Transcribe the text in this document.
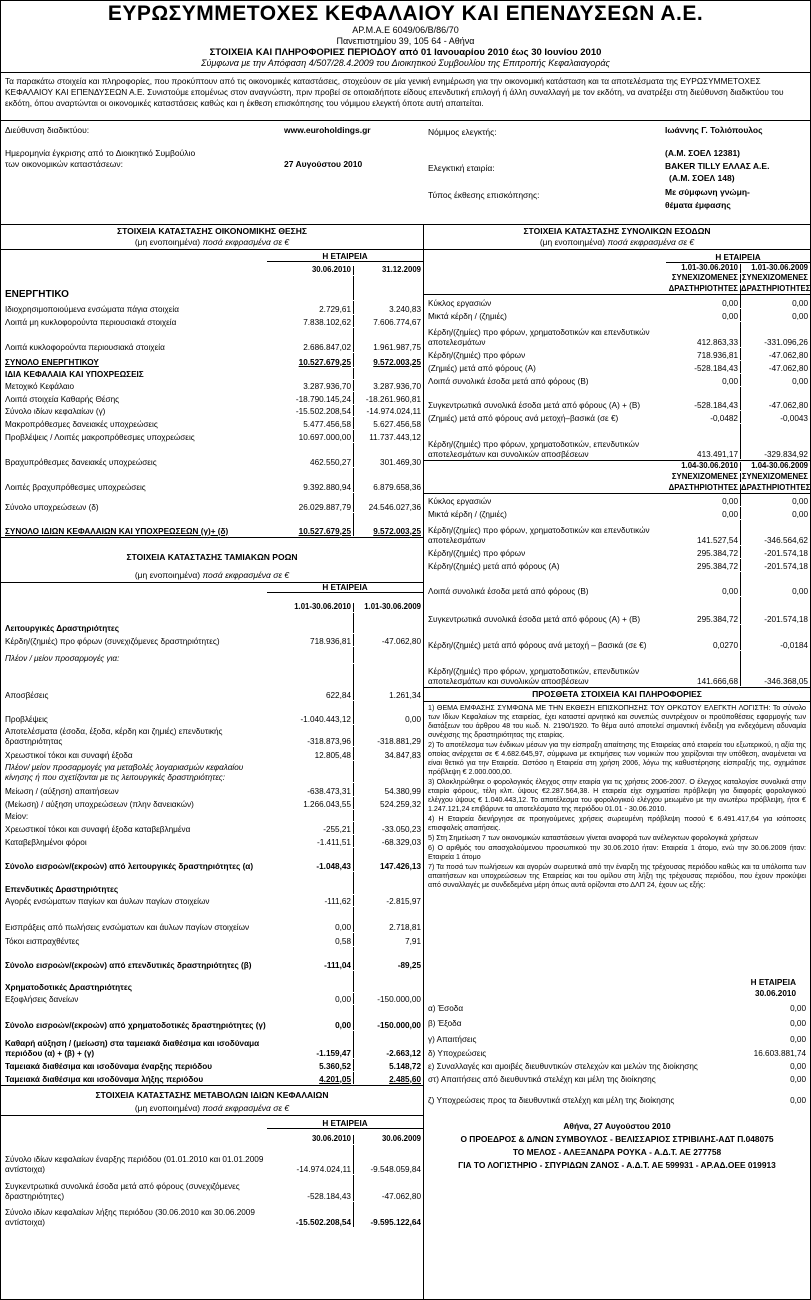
ΕΥΡΩΣΥΜΜΕΤΟΧΕΣ ΚΕΦΑΛΑΙΟΥ ΚΑΙ ΕΠΕΝΔΥΣΕΩΝ Α.Ε.
ΑΡ.Μ.Α.Ε 6049/06/Β/86/70
Πανεπιστημίου 39, 105 64 - Αθήνα
ΣΤΟΙΧΕΙΑ ΚΑΙ ΠΛΗΡΟΦΟΡΙΕΣ ΠΕΡΙΟΔΟΥ από 01 Ιανουαρίου 2010 έως 30 Ιουνίου 2010
Σύμφωνα με την Απόφαση 4/507/28.4.2009 του Διοικητικού Συμβουλίου της Επιτροπής Κεφαλαιαγοράς
Τα παρακάτω στοιχεία και πληροφορίες, που προκύπτουν από τις οικονομικές καταστάσεις, στοχεύουν σε μία γενική ενημέρωση για την οικονομική κατάσταση και τα αποτελέσματα της ΕΥΡΩΣΥΜΜΕΤΟΧΕΣ ΚΕΦΑΛΑΙΟΥ ΚΑΙ ΕΠΕΝΔΥΣΕΩΝ Α.Ε. Συνιστούμε επομένως στον αναγνώστη, πριν προβεί σε οποιαδήποτε είδους επενδυτική επιλογή ή άλλη συναλλαγή με τον εκδότη, να ανατρέξει στη διεύθυνση διαδικτύου του εκδότη, όπου αναρτώνται οι οικονομικές καταστάσεις καθώς και η έκθεση επισκόπησης του νόμιμου ελεγκτή όποτε αυτή απαιτείται.
Διεύθυνση διαδικτύου:	www.euroholdings.gr
Ημερομηνία έγκρισης από το Διοικητικό Συμβούλιο
των οικονομικών καταστάσεων:	27 Αυγούστου 2010
Νόμιμος ελεγκτής:	Ιωάννης Γ. Τολιόπουλος
(Α.Μ. ΣΟΕΛ 12381)
Ελεγκτική εταιρία:	BAKER TILLY ΕΛΛΑΣ Α.Ε.
(Α.Μ. ΣΟΕΛ 148)
Τύπος έκθεσης επισκόπησης:	Με σύμφωνη γνώμη-
θέματα έμφασης
ΣΤΟΙΧΕΙΑ ΚΑΤΑΣΤΑΣΗΣ ΟΙΚΟΝΟΜΙΚΗΣ ΘΕΣΗΣ
(μη ενοποιημένα) ποσά εκφρασμένα σε €
Η ΕΤΑΙΡΕΙΑ
30.06.2010	31.12.2009
ΕΝΕΡΓΗΤΙΚΟ
Ιδιοχρησιμοποιούμενα ενσώματα πάγια στοιχεία	2.729,61	3.240,83
Λοιπά μη κυκλοφορούντα περιουσιακά στοιχεία	7.838.102,62	7.606.774,67
Λοιπά κυκλοφορούντα περιουσιακά στοιχεία	2.686.847,02	1.961.987,75
ΣΥΝΟΛΟ ΕΝΕΡΓΗΤΙΚΟΥ	10.527.679,25	9.572.003,25
ΙΔΙΑ ΚΕΦΑΛΑΙΑ ΚΑΙ ΥΠΟΧΡΕΩΣΕΙΣ
Μετοχικό Κεφάλαιο	3.287.936,70	3.287.936,70
Λοιπά στοιχεία Καθαρής Θέσης	-18.790.145,24	-18.261.960,81
Σύνολο ιδίων κεφαλαίων (γ)	-15.502.208,54	-14.974.024,11
Μακροπρόθεσμες δανειακές υποχρεώσεις	5.477.456,58	5.627.456,58
Προβλέψεις / Λοιπές μακροπρόθεσμες υποχρεώσεις	10.697.000,00	11.737.443,12
Βραχυπρόθεσμες δανειακές υποχρεώσεις	462.550,27	301.469,30
Λοιπές βραχυπρόθεσμες υποχρεώσεις	9.392.880,94	6.879.658,36
Σύνολο υποχρεώσεων (δ)	26.029.887,79	24.546.027,36
ΣΥΝΟΛΟ ΙΔΙΩΝ ΚΕΦΑΛΑΙΩΝ ΚΑΙ ΥΠΟΧΡΕΩΣΕΩΝ (γ)+ (δ)	10.527.679,25	9.572.003,25
ΣΤΟΙΧΕΙΑ ΚΑΤΑΣΤΑΣΗΣ ΤΑΜΙΑΚΩΝ ΡΟΩΝ
(μη ενοποιημένα) ποσά εκφρασμένα σε €
Η ΕΤΑΙΡΕΙΑ
1.01-30.06.2010	1.01-30.06.2009
Λειτουργικές Δραστηριότητες
Κέρδη/(ζημιές) προ φόρων (συνεχιζόμενες δραστηριότητες)	718.936,81	-47.062,80
Πλέον / μείον προσαρμογές για:
Αποσβέσεις	622,84	1.261,34
Προβλέψεις	-1.040.443,12	0,00
Αποτελέσματα (έσοδα, έξοδα, κέρδη και ζημιές) επενδυτικής δραστηριότητας	-318.873,96	-318.881,29
Χρεωστικοί τόκοι και συναφή έξοδα	12.805,48	34.847,83
Πλέον/ μείον προσαρμογές για μεταβολές λογαριασμών κεφαλαίου κίνησης ή που σχετίζονται με τις λειτουργικές δραστηριότητες:
Μείωση / (αύξηση) απαιτήσεων	-638.473,31	54.380,99
(Μείωση) / αύξηση υποχρεώσεων (πλην δανειακών)	1.266.043,55	524.259,32
Μείον:
Χρεωστικοί τόκοι και συναφή έξοδα καταβεβλημένα	-255,21	-33.050,23
Καταβεβλημένοι φόροι	-1.411,51	-68.329,03
Σύνολο εισροών/(εκροών) από λειτουργικές δραστηριότητες (α)	-1.048,43	147.426,13
Επενδυτικές Δραστηριότητες
Αγορές ενσώματων παγίων και άυλων παγίων στοιχείων	-111,62	-2.815,97
Εισπράξεις από πωλήσεις ενσώματων και άυλων παγίων στοιχείων	0,00	2.718,81
Τόκοι εισπραχθέντες	0,58	7,91
Σύνολο εισροών/(εκροών) από επενδυτικές δραστηριότητες (β)	-111,04	-89,25
Χρηματοδοτικές Δραστηριότητες
Εξοφλήσεις δανείων	0,00	-150.000,00
Σύνολο εισροών/(εκροών) από χρηματοδοτικές δραστηριότητες (γ)	0,00	-150.000,00
Καθαρή αύξηση / (μείωση) στα ταμειακά διαθέσιμα και ισοδύναμα περιόδου (α) + (β) + (γ)	-1.159,47	-2.663,12
Ταμειακά διαθέσιμα και ισοδύναμα έναρξης περιόδου	5.360,52	5.148,72
Ταμειακά διαθέσιμα και ισοδύναμα λήξης περιόδου	4.201,05	2.485,60
ΣΤΟΙΧΕΙΑ ΚΑΤΑΣΤΑΣΗΣ ΜΕΤΑΒΟΛΩΝ ΙΔΙΩΝ ΚΕΦΑΛΑΙΩΝ
(μη ενοποιημένα) ποσά εκφρασμένα σε €
Η ΕΤΑΙΡΕΙΑ
30.06.2010	30.06.2009
Σύνολο ιδίων κεφαλαίων έναρξης περιόδου (01.01.2010 και 01.01.2009 αντίστοιχα)	-14.974.024,11	-9.548.059,84
Συγκεντρωτικά συνολικά έσοδα μετά από φόρους (συνεχιζόμενες δραστηριότητες)	-528.184,43	-47.062,80
Σύνολο ιδίων κεφαλαίων λήξης περιόδου (30.06.2010 και 30.06.2009 αντίστοιχα)	-15.502.208,54	-9.595.122,64
ΣΤΟΙΧΕΙΑ ΚΑΤΑΣΤΑΣΗΣ ΣΥΝΟΛΙΚΩΝ ΕΣΟΔΩΝ
(μη ενοποιημένα) ποσά εκφρασμένα σε €
Η ΕΤΑΙΡΕΙΑ
1.01-30.06.2010	1.01-30.06.2009
ΣΥΝΕΧΙΖΟΜΕΝΕΣ ΣΥΝΕΧΙΖΟΜΕΝΕΣ
ΔΡΑΣΤΗΡΙΟΤΗΤΕΣ ΔΡΑΣΤΗΡΙΟΤΗΤΕΣ
Κύκλος εργασιών	0,00	0,00
Μικτά κέρδη / (ζημιές)	0,00	0,00
Κέρδη/(ζημίες) προ φόρων, χρηματοδοτικών και επενδυτικών αποτελεσμάτων	412.863,33	-331.096,26
Κέρδη/(ζημιές) προ φόρων	718.936,81	-47.062,80
(Ζημιές) μετά από φόρους (Α)	-528.184,43	-47.062,80
Λοιπά συνολικά έσοδα μετά από φόρους (Β)	0,00	0,00
Συγκεντρωτικά συνολικά έσοδα μετά από φόρους (Α) + (Β)	-528.184,43	-47.062,80
(Ζημιές) μετά από φόρους ανά μετοχή–βασικά (σε €)	-0,0482	-0,0043
Κέρδη/(ζημιές) προ φόρων, χρηματοδοτικών, επενδυτικών αποτελεσμάτων και συνολικών αποσβέσεων	413.491,17	-329.834,92
1.04-30.06.2010	1.04-30.06.2009
ΣΥΝΕΧΙΖΟΜΕΝΕΣ ΣΥΝΕΧΙΖΟΜΕΝΕΣ
ΔΡΑΣΤΗΡΙΟΤΗΤΕΣ ΔΡΑΣΤΗΡΙΟΤΗΤΕΣ
Κύκλος εργασιών	0,00	0,00
Μικτά κέρδη / (ζημιές)	0,00	0,00
Κέρδη/(ζημίες) προ φόρων, χρηματοδοτικών και επενδυτικών αποτελεσμάτων	141.527,54	-346.564,62
Κέρδη/(ζημιές) προ φόρων	295.384,72	-201.574,18
Κέρδη/(ζημιές) μετά από φόρους (Α)	295.384,72	-201.574,18
Λοιπά συνολικά έσοδα μετά από φόρους (Β)	0,00	0,00
Συγκεντρωτικά συνολικά έσοδα μετά από φόρους (Α) + (Β)	295.384,72	-201.574,18
Κέρδη/(ζημιές) μετά από φόρους ανά μετοχή – βασικά (σε €)	0,0270	-0,0184
Κέρδη/(ζημιές) προ φόρων, χρηματοδοτικών, επενδυτικών αποτελεσμάτων και συνολικών αποσβέσεων	141.666,68	-346.368,05
ΠΡΟΣΘΕΤΑ ΣΤΟΙΧΕΙΑ ΚΑΙ ΠΛΗΡΟΦΟΡΙΕΣ

1) ΘΕΜΑ ΕΜΦΑΣΗΣ ΣΥΜΦΩΝΑ ΜΕ ΤΗΝ ΕΚΘΕΣΗ ΕΠΙΣΚΟΠΗΣΗΣ ΤΟΥ ΟΡΚΩΤΟΥ ΕΛΕΓΚΤΗ ΛΟΓΙΣΤΗ: Το σύνολο των Ιδίων Κεφαλαίων της εταιρείας, έχει καταστεί αρνητικό και συνεπώς συντρέχουν οι προϋποθέσεις εφαρμογής των διατάξεων του άρθρου 48 του κωδ. Ν. 2190/1920. Το θέμα αυτό αποτελεί σημαντική ένδειξη για ενδεχόμενη αδυναμία συνέχισης της δραστηριότητας της εταιρίας.

2) Το αποτέλεσμα των ένδικων μέσων για την είσπραξη απαίτησης της Εταιρείας από εταιρεία του εξωτερικού, η αξία της οποίας ανέρχεται σε € 4.682.645,97, σύμφωνα με εκτιμήσεις των νομικών που χειρίζονται την υπόθεση, αναμένεται να είναι θετικό για την Εταιρεία. Ωστόσο η Εταιρεία στη χρήση 2006, λόγω της καθυστέρησης είσπραξής της, σχημάτισε πρόβλεψη € 2.000.000,00.

3) Ολοκληρώθηκε ο φορολογικός έλεγχος στην εταιρία για τις χρήσεις 2006-2007. Ο έλεγχος καταλογίσε συνολικά στην εταιρία φόρους, τέλη κλπ. ύψους €2.287.564,38. Η εταιρεία είχε σχηματίσει πρόβλεψη για διαφορές φορολογικού ελέγχου ύψους € 1.040.443,12. Το αποτέλεσμα του φορολογικού ελέγχου μειωμένο με την ανωτέρω πρόβλεψη, ήτοι € 1.247.121,24 επιβάρυνε τα αποτελέσματα της περιόδου 01.01 - 30.06.2010.

4) Η Εταιρεία διενήργησε σε προηγούμενες χρήσεις σωρευμένη πρόβλεψη ποσού € 6.491.417,64 για ισόποσες επισφαλείς απαιτήσεις.

5) Στη Σημείωση 7 των οικονομικών καταστάσεων γίνεται αναφορά των ανέλεγκτων φορολογικά χρήσεων

6) Ο αριθμός του απασχολούμενου προσωπικού την 30.06.2010 ήταν: Εταιρεία 1 άτομο, ενώ την 30.06.2009 ήταν: Εταιρεία 1 άτομο

7) Τα ποσά των πωλήσεων και αγορών σωρευτικά από την έναρξη της τρέχουσας περιόδου καθώς και τα υπόλοιπα των απαιτήσεων και υποχρεώσεων της Εταιρείας και του ομίλου στη λήξη της τρέχουσας περιόδου, που έχουν προκύψει από συναλλαγές με συνδεδεμένα μέρη όπως αυτά ορίζονται στο ΔΛΠ 24, έχουν ως εξής:

Η ΕΤΑΙΡΕΙΑ
30.06.2010
α) Έσοδα	0,00
β) Έξοδα	0,00
γ) Απαιτήσεις	0,00
δ) Υποχρεώσεις	16.603.881,74
ε) Συναλλαγές και αμοιβές διευθυντικών στελεχών και μελών της διοίκησης	0,00
στ) Απαιτήσεις από διευθυντικά στελέχη και μέλη της διοίκησης	0,00
ζ) Υποχρεώσεις προς τα διευθυντικά στελέχη και μέλη της διοίκησης	0,00
Αθήνα, 27 Αυγούστου 2010
Ο ΠΡΟΕΔΡΟΣ & Δ/ΝΩΝ ΣΥΜΒΟΥΛΟΣ - ΒΕΛΙΣΣΑΡΙΟΣ ΣΤΡΙΒΙΛΗΣ-ΑΔΤ Π.048075
ΤΟ ΜΕΛΟΣ - ΑΛΕΞΑΝΔΡΑ ΡΟΥΚΑ - Α.Δ.Τ. ΑΕ 277758
ΓΙΑ ΤΟ ΛΟΓΙΣΤΗΡΙΟ - ΣΠΥΡΙΔΩΝ ΖΑΝΟΣ - Α.Δ.Τ. ΑΕ 599931 - ΑΡ.ΑΔ.ΟΕΕ 019913
